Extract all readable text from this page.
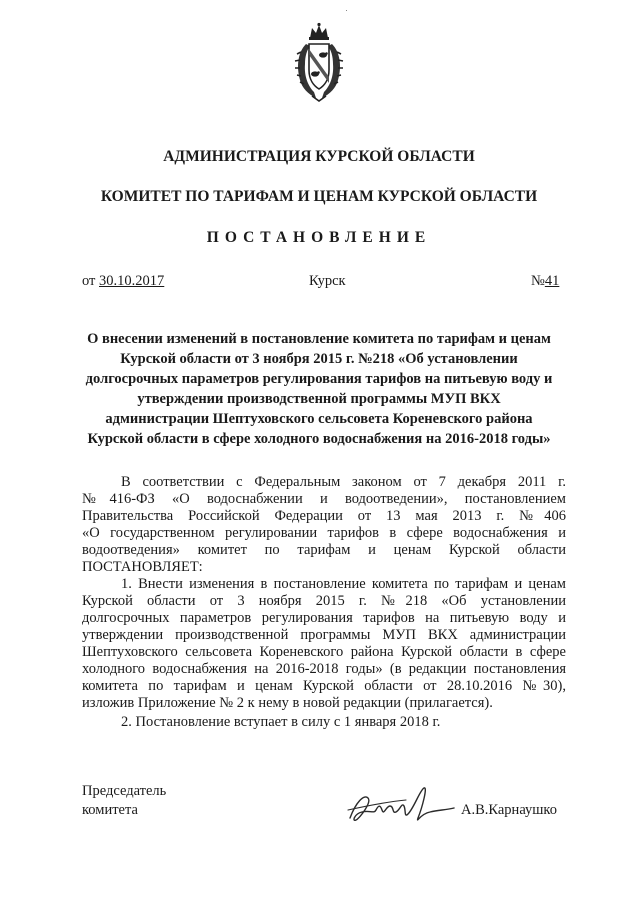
АДМИНИСТРАЦИЯ КУРСКОЙ ОБЛАСТИ
КОМИТЕТ ПО ТАРИФАМ И ЦЕНАМ КУРСКОЙ ОБЛАСТИ
ПОСТАНОВЛЕНИЕ
от 30.10.2017	Курск	№41
О внесении изменений в постановление комитета по тарифам и ценам
Курской области от 3 ноября 2015 г. №218 «Об установлении
долгосрочных параметров регулирования тарифов на питьевую воду и
утверждении производственной программы МУП ВКХ
администрации Шептуховского сельсовета Кореневского района
Курской области в сфере холодного водоснабжения на 2016-2018 годы»
В соответствии с Федеральным законом от 7 декабря 2011 г.
№416-ФЗ «О водоснабжении и водоотведении», постановлением
Правительства Российской Федерации от 13 мая 2013 г. №406
«О государственном регулировании тарифов в сфере водоснабжения и
водоотведения» комитет по тарифам и ценам Курской области
ПОСТАНОВЛЯЕТ:
1. Внести изменения в постановление комитета по тарифам и ценам
Курской области от 3 ноября 2015 г. №218 «Об установлении
долгосрочных параметров регулирования тарифов на питьевую воду и
утверждении производственной программы МУП ВКХ администрации
Шептуховского сельсовета Кореневского района Курской области в сфере
холодного водоснабжения на 2016-2018 годы» (в редакции постановления
комитета по тарифам и ценам Курской области от 28.10.2016 №30),
изложив Приложение № 2 к нему в новой редакции (прилагается).
2. Постановление вступает в силу с 1 января 2018 г.
Председатель
комитета	А.В.Карнаушко
